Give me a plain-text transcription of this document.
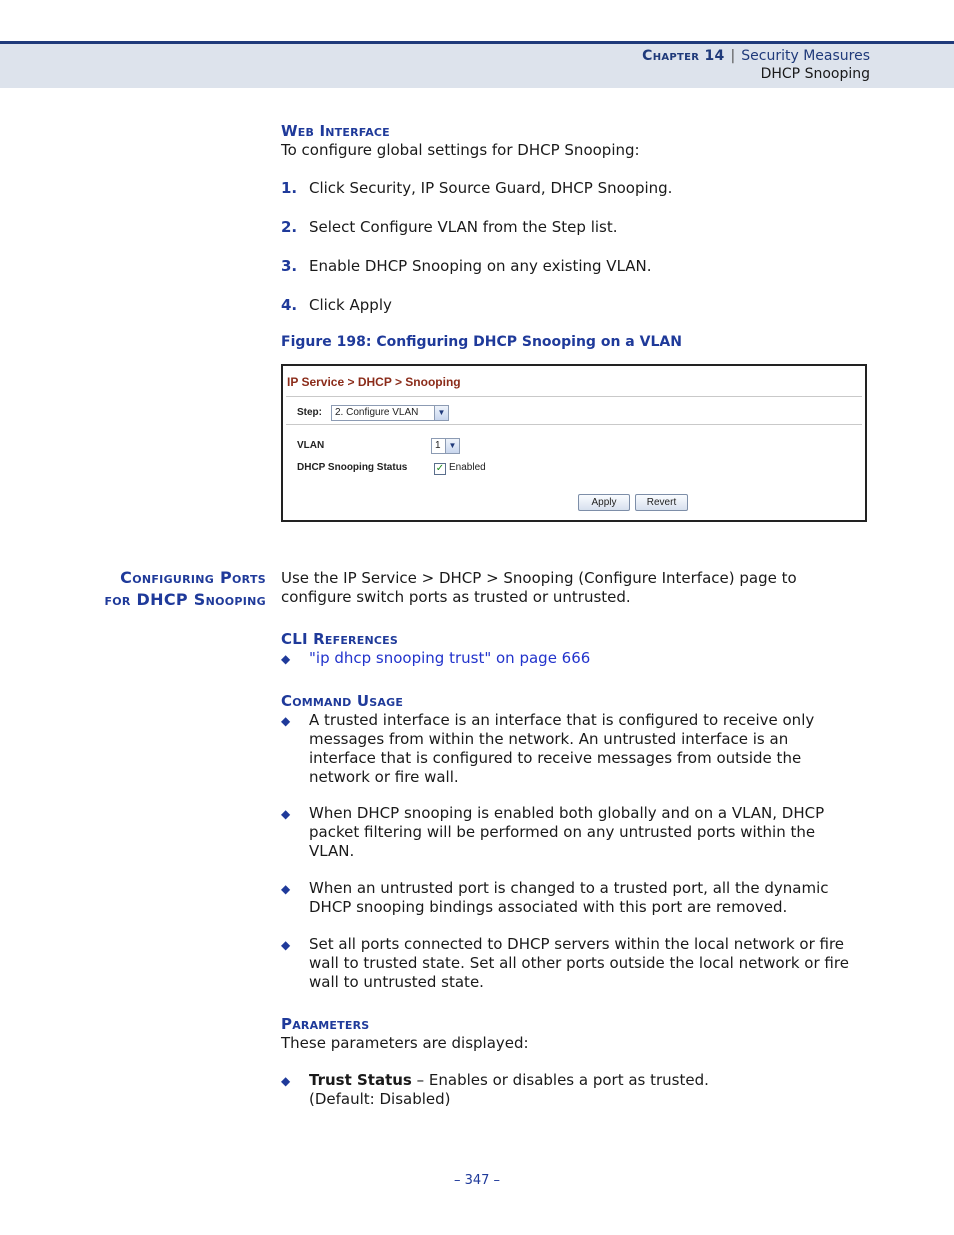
Chapter 14 | Security Measures
DHCP Snooping
Web Interface
To configure global settings for DHCP Snooping:
1. Click Security, IP Source Guard, DHCP Snooping.
2. Select Configure VLAN from the Step list.
3. Enable DHCP Snooping on any existing VLAN.
4. Click Apply
Figure 198: Configuring DHCP Snooping on a VLAN
IP Service > DHCP > Snooping
Step:	2. Configure VLAN	▼
VLAN	1 ▼
DHCP Snooping Status	✓ Enabled
Apply	Revert
Configuring Ports
for DHCP Snooping
Use the IP Service > DHCP > Snooping (Configure Interface) page to
configure switch ports as trusted or untrusted.
CLI References
◆ "ip dhcp snooping trust" on page 666
Command Usage
◆ A trusted interface is an interface that is configured to receive only messages from within the network. An untrusted interface is an interface that is configured to receive messages from outside the network or fire wall.
◆ When DHCP snooping is enabled both globally and on a VLAN, DHCP packet filtering will be performed on any untrusted ports within the VLAN.
◆ When an untrusted port is changed to a trusted port, all the dynamic DHCP snooping bindings associated with this port are removed.
◆ Set all ports connected to DHCP servers within the local network or fire wall to trusted state. Set all other ports outside the local network or fire wall to untrusted state.
Parameters
These parameters are displayed:
◆ Trust Status – Enables or disables a port as trusted.
(Default: Disabled)
– 347 –
